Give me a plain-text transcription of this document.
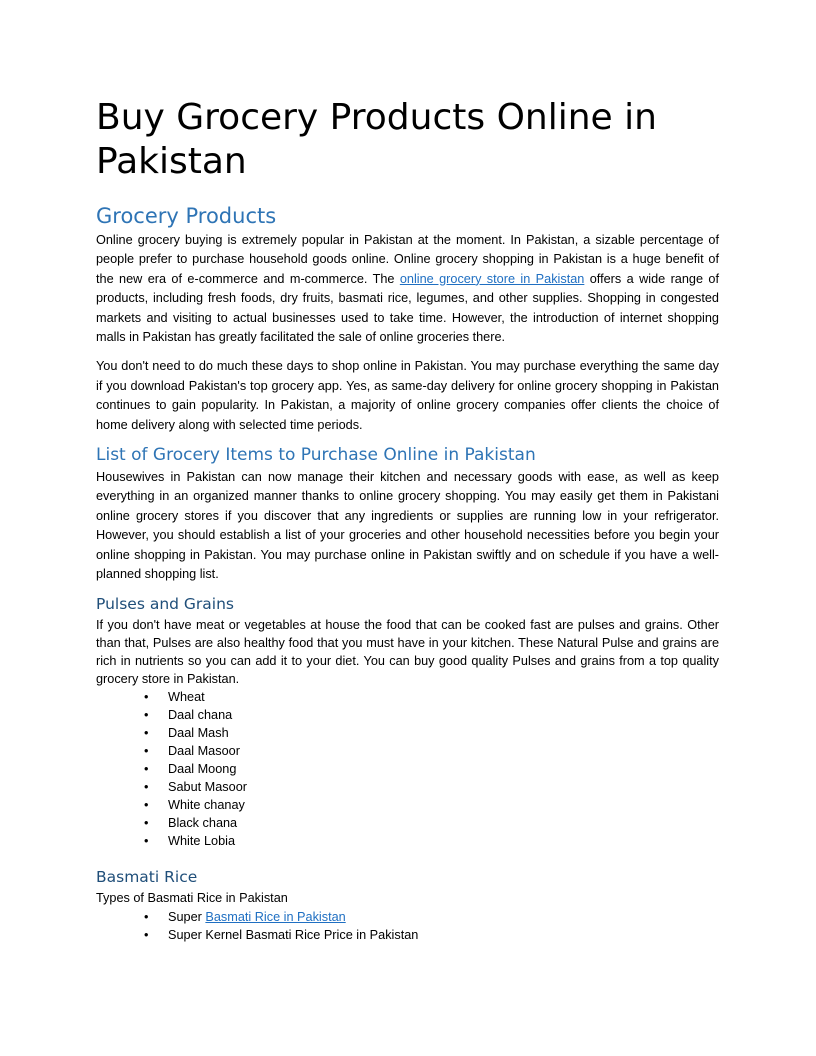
Buy Grocery Products Online in Pakistan
Grocery Products

Online grocery buying is extremely popular in Pakistan at the moment. In Pakistan, a sizable percentage of people prefer to purchase household goods online. Online grocery shopping in Pakistan is a huge benefit of the new era of e-commerce and m-commerce. The online grocery store in Pakistan offers a wide range of products, including fresh foods, dry fruits, basmati rice, legumes, and other supplies. Shopping in congested markets and visiting to actual businesses used to take time. However, the introduction of internet shopping malls in Pakistan has greatly facilitated the sale of online groceries there.

You don't need to do much these days to shop online in Pakistan. You may purchase everything the same day if you download Pakistan's top grocery app. Yes, as same-day delivery for online grocery shopping in Pakistan continues to gain popularity. In Pakistan, a majority of online grocery companies offer clients the choice of home delivery along with selected time periods.

List of Grocery Items to Purchase Online in Pakistan

Housewives in Pakistan can now manage their kitchen and necessary goods with ease, as well as keep everything in an organized manner thanks to online grocery shopping. You may easily get them in Pakistani online grocery stores if you discover that any ingredients or supplies are running low in your refrigerator. However, you should establish a list of your groceries and other household necessities before you begin your online shopping in Pakistan. You may purchase online in Pakistan swiftly and on schedule if you have a well-planned shopping list.

Pulses and Grains

If you don't have meat or vegetables at house the food that can be cooked fast are pulses and grains. Other than that, Pulses are also healthy food that you must have in your kitchen. These Natural Pulse and grains are rich in nutrients so you can add it to your diet. You can buy good quality Pulses and grains from a top quality grocery store in Pakistan.

• Wheat
• Daal chana
• Daal Mash
• Daal Masoor
• Daal Moong
• Sabut Masoor
• White chanay
• Black chana
• White Lobia
Basmati Rice

Types of Basmati Rice in Pakistan

• Super Basmati Rice in Pakistan
• Super Kernel Basmati Rice Price in Pakistan
